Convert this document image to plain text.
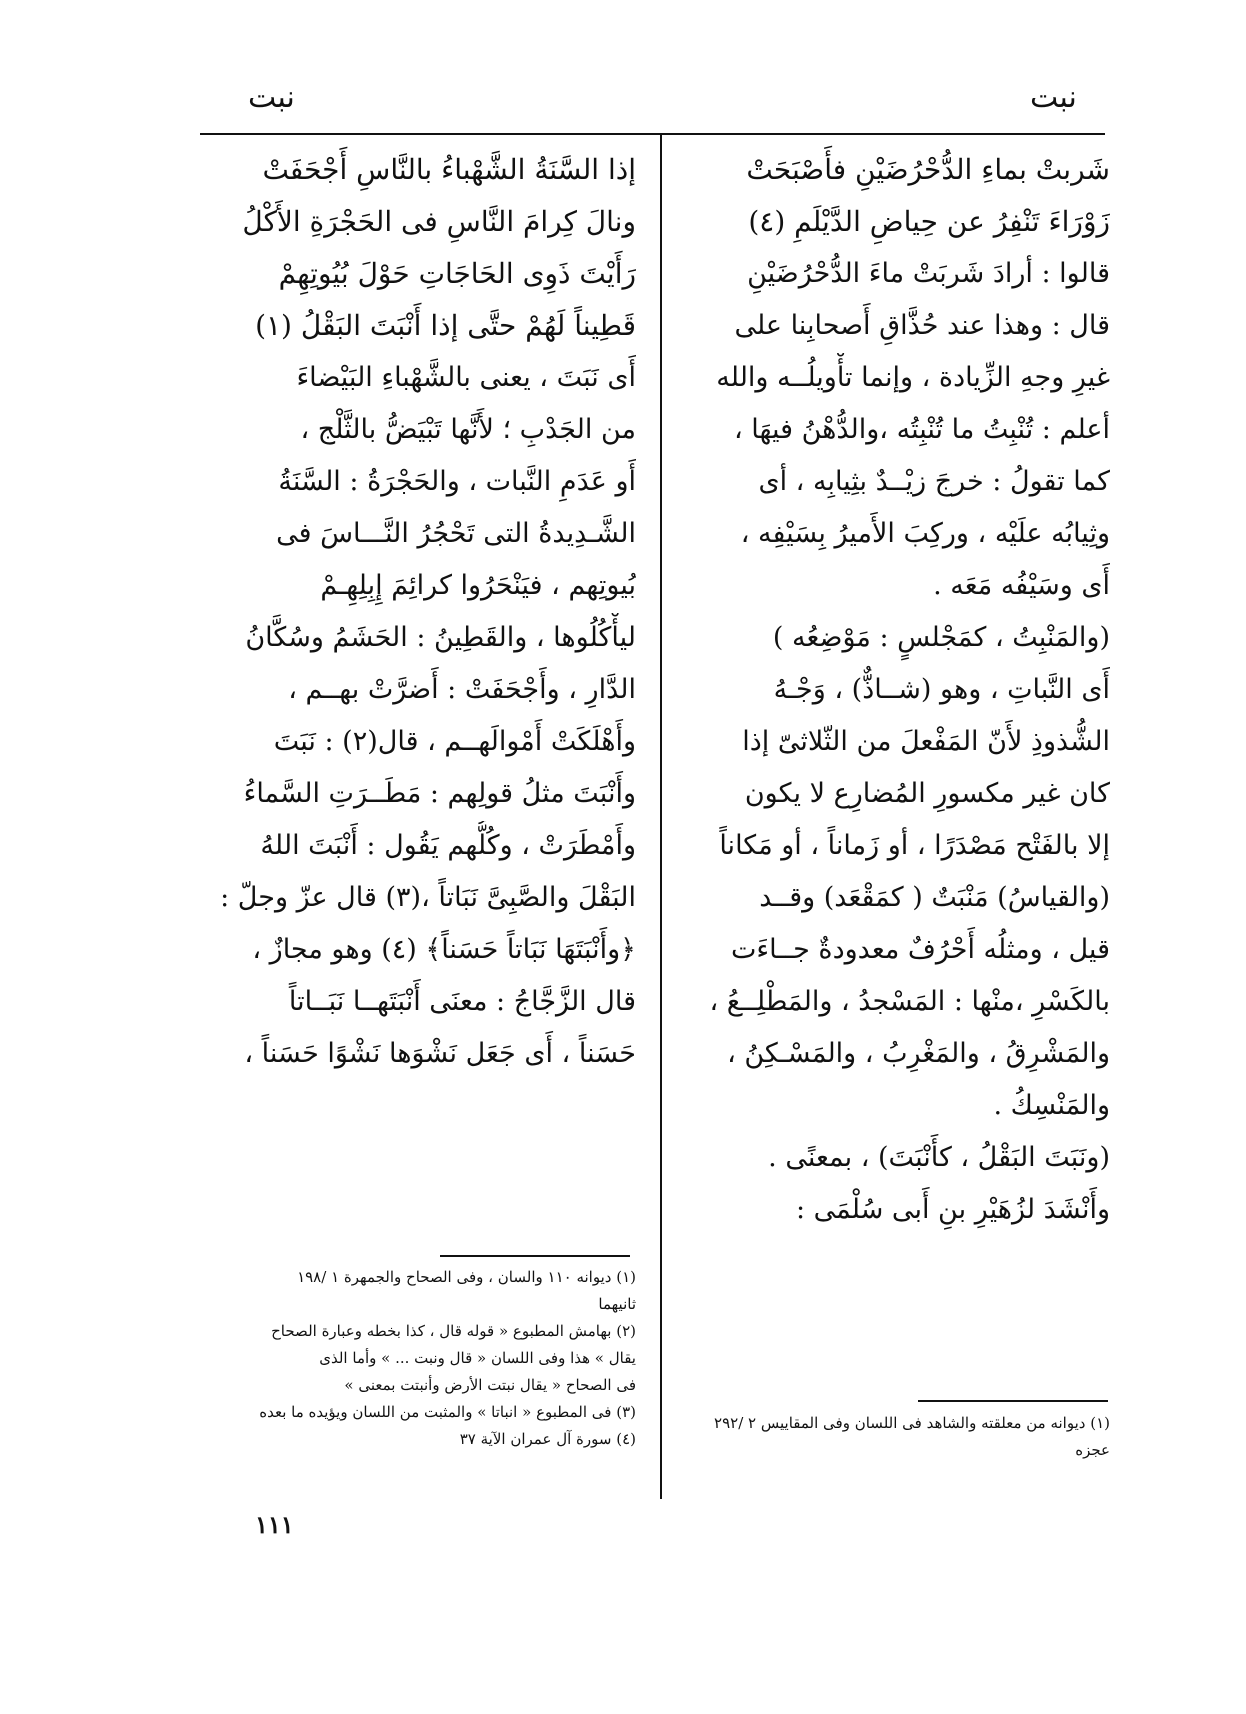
نبت
نبت
شَربتْ بماءِ الدُّحْرُضَيْنِ فأَصْبَحَتْ
زَوْرَاءَ تَنْفِرُ عن حِياضِ الدَّيْلَمِ (٤)
قالوا : أرادَ شَربَتْ ماءَ الدُّحْرُضَيْنِ
قال : وهذا عند حُذَّاقِ أَصحابِنا على
غيرِ وجهِ الزِّيادة ، وإنما تأْويلُــه والله
أعلم : تُنْبِتُ ما تُنْبِتُه ،والدُّهْنُ فيهَا ،
كما تقولُ : خرجَ زيْــدٌ بثِيابِه ، أى
وثِيابُه علَيْه ، وركِبَ الأَميرُ بِسَيْفِه ،
أَى وسَيْفُه مَعَه .
(والمَنْبِتُ ، كمَجْلسٍ : مَوْضِعُه )
أَى النَّباتِ ، وهو (شــاذٌّ) ، وَجْـهُ
الشُّذوذِ لأَنّ المَفْعلَ من الثّلاثىّ إذا
كان غير مكسورِ المُضارِع لا يكون
إلا بالفَتْح مَصْدَرًا ، أو زَماناً ، أو مَكاناً
(والقياسُ) مَنْبَتٌ ( كمَقْعَد) وقــد
قيل ، ومثلُه أَحْرُفٌ معدودةٌ جــاءَت
بالكَسْرِ ،منْها : المَسْجدُ ، والمَطْلِــعُ ،
والمَشْرِقُ ، والمَغْرِبُ ، والمَسْـكِنُ ،
والمَنْسِكُ .
(ونَبَتَ البَقْلُ ، كأَنْبَتَ) ، بمعنًى .
وأَنْشَدَ لزُهَيْرِ بنِ أَبى سُلْمَى :
إذا السَّنَةُ الشَّهْباءُ بالنَّاسِ أَجْحَفَتْ
ونالَ كِرامَ النَّاسِ فى الحَجْرَةِ الأَكْلُ
رَأَيْتَ ذَوِى الحَاجَاتِ حَوْلَ بُيُوتِهِمْ
قَطِيناً لَهُمْ حتَّى إذا أَنْبَتَ البَقْلُ (١)
أَى نَبَتَ ، يعنى بالشَّهْباءِ البَيْضاءَ
من الجَدْبِ ؛ لأَنَّها تَبْيَضُّ بالثَّلْج ،
أَو عَدَمِ النَّبات ، والحَجْرَةُ : السَّنَةُ
الشَّـدِيدةُ التى تَحْجُرُ النَّـــاسَ فى
بُيوتِهم ، فيَنْحَرُوا كرائِمَ إِبِلِهِـمْ
ليأْكُلُوها ، والقَطِينُ : الحَشَمُ وسُكَّانُ
الدَّارِ ، وأَجْحَفَتْ : أَضرَّتْ بهــم ،
وأَهْلَكَتْ أَمْوالَهــم ، قال(٢) : نَبَتَ
وأَنْبَتَ مثلُ قولِهم : مَطَــرَتِ السَّماءُ
وأَمْطَرَتْ ، وكُلُّهم يَقُول : أَنْبَتَ اللهُ
البَقْلَ والصَّبِىَّ نَبَاتاً ،(٣) قال عزّ وجلّ :
﴿وأَنْبَتَهَا نَبَاتاً حَسَناً﴾ (٤) وهو مجازٌ ،
قال الزَّجَّاجُ : معنَى أَنْبَتَهــا نَبَــاتاً
حَسَناً ، أَى جَعَل نَشْوَها نَشْوًا حَسَناً ،
(١) ديوانه ١١٠ والسان ، وفى الصحاح والجمهرة ١ /١٩٨
ثانيهما
(٢) بهامش المطبوع « قوله قال ، كذا بخطه وعبارة الصحاح
يقال » هذا وفى اللسان « قال ونبت ... » وأما الذى
فى الصحاح « يقال نبتت الأرض وأنبتت بمعنى »
(٣) فى المطبوع « انباتا » والمثبت من اللسان ويؤيده ما بعده
(٤) سورة آل عمران الآية ٣٧
(١) ديوانه من معلقته والشاهد فى اللسان وفى المقاييس ٢ /٢٩٢
عجزه
١١١
